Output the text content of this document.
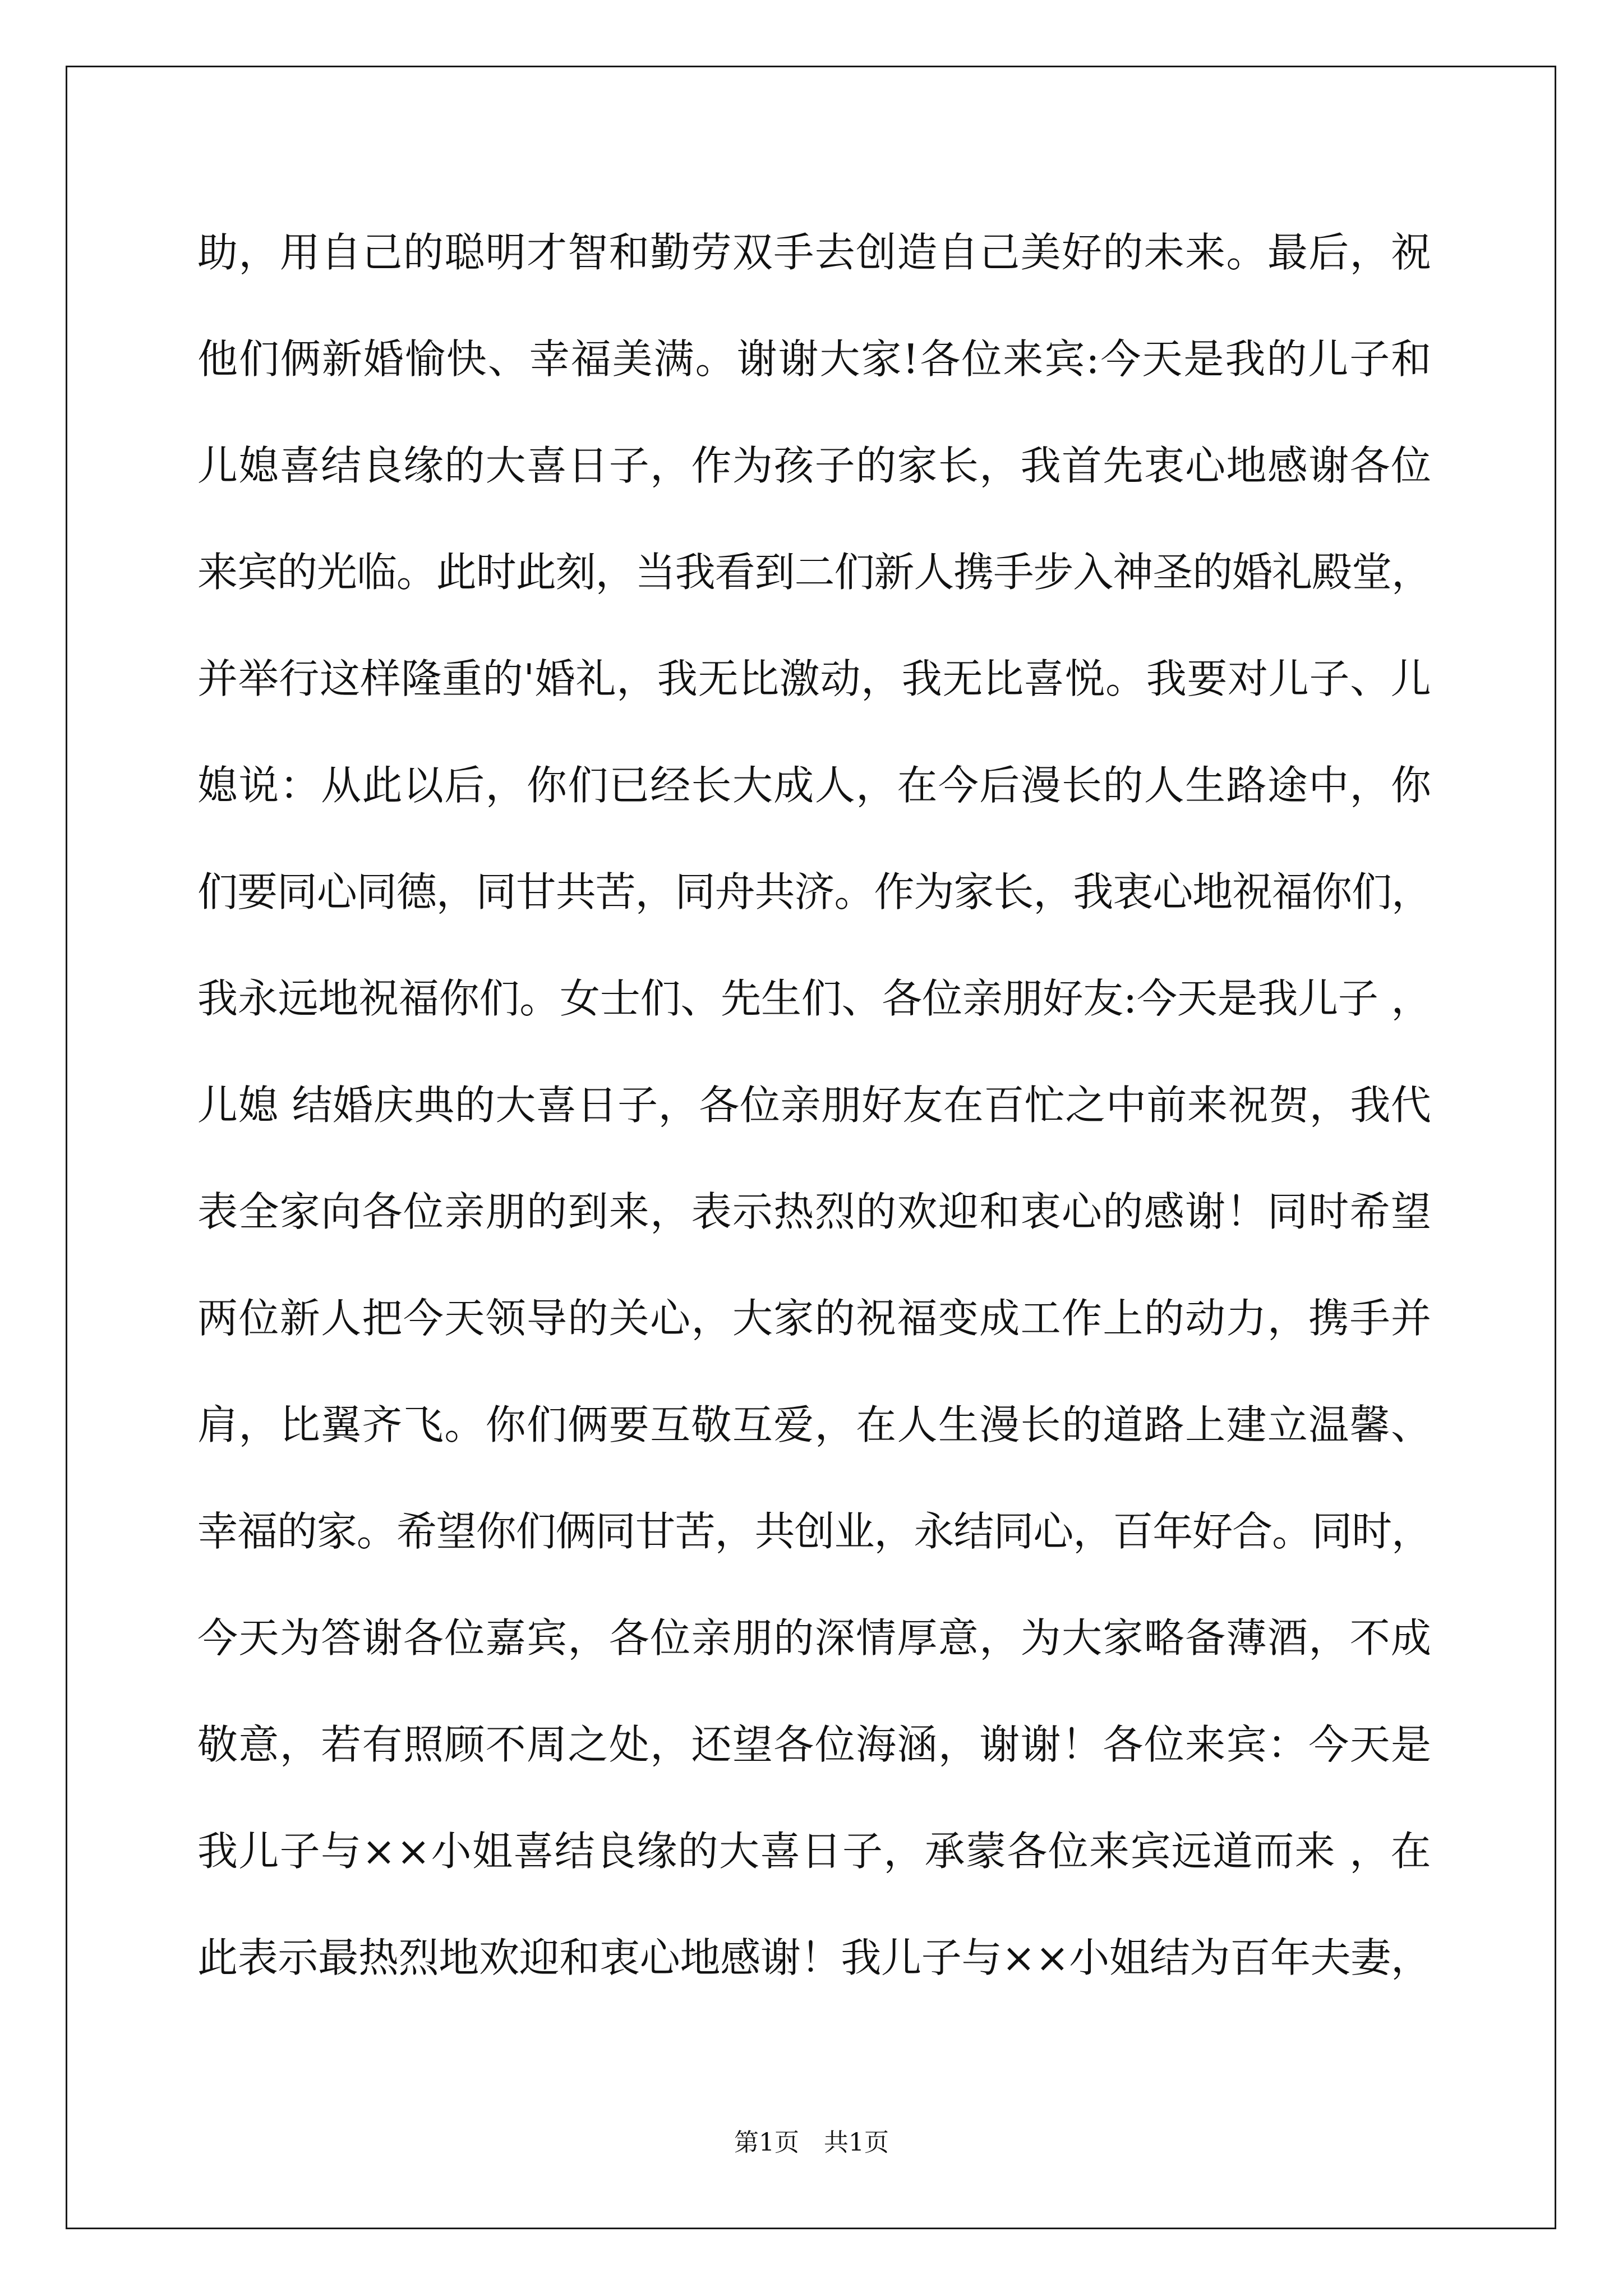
助，用自己的聪明才智和勤劳双手去创造自己美好的未来。最后，祝
他们俩新婚愉快、幸福美满。谢谢大家!各位来宾:今天是我的儿子和
儿媳喜结良缘的大喜日子，作为孩子的家长，我首先衷心地感谢各位
来宾的光临。此时此刻，当我看到二们新人携手步入神圣的婚礼殿堂，
并举行这样隆重的'婚礼，我无比激动，我无比喜悦。我要对儿子、儿
媳说：从此以后，你们已经长大成人，在今后漫长的人生路途中，你
们要同心同德，同甘共苦，同舟共济。作为家长，我衷心地祝福你们，
我永远地祝福你们。女士们、先生们、各位亲朋好友:今天是我儿子 ，
儿媳 结婚庆典的大喜日子，各位亲朋好友在百忙之中前来祝贺，我代
表全家向各位亲朋的到来，表示热烈的欢迎和衷心的感谢！同时希望
两位新人把今天领导的关心，大家的祝福变成工作上的动力，携手并
肩，比翼齐飞。你们俩要互敬互爱，在人生漫长的道路上建立温馨、
幸福的家。希望你们俩同甘苦，共创业，永结同心，百年好合。同时，
今天为答谢各位嘉宾，各位亲朋的深情厚意，为大家略备薄酒，不成
敬意，若有照顾不周之处，还望各位海涵，谢谢！各位来宾：今天是
我儿子与××小姐喜结良缘的大喜日子，承蒙各位来宾远道而来 ，在
此表示最热烈地欢迎和衷心地感谢！我儿子与××小姐结为百年夫妻，
第1页　共1页
